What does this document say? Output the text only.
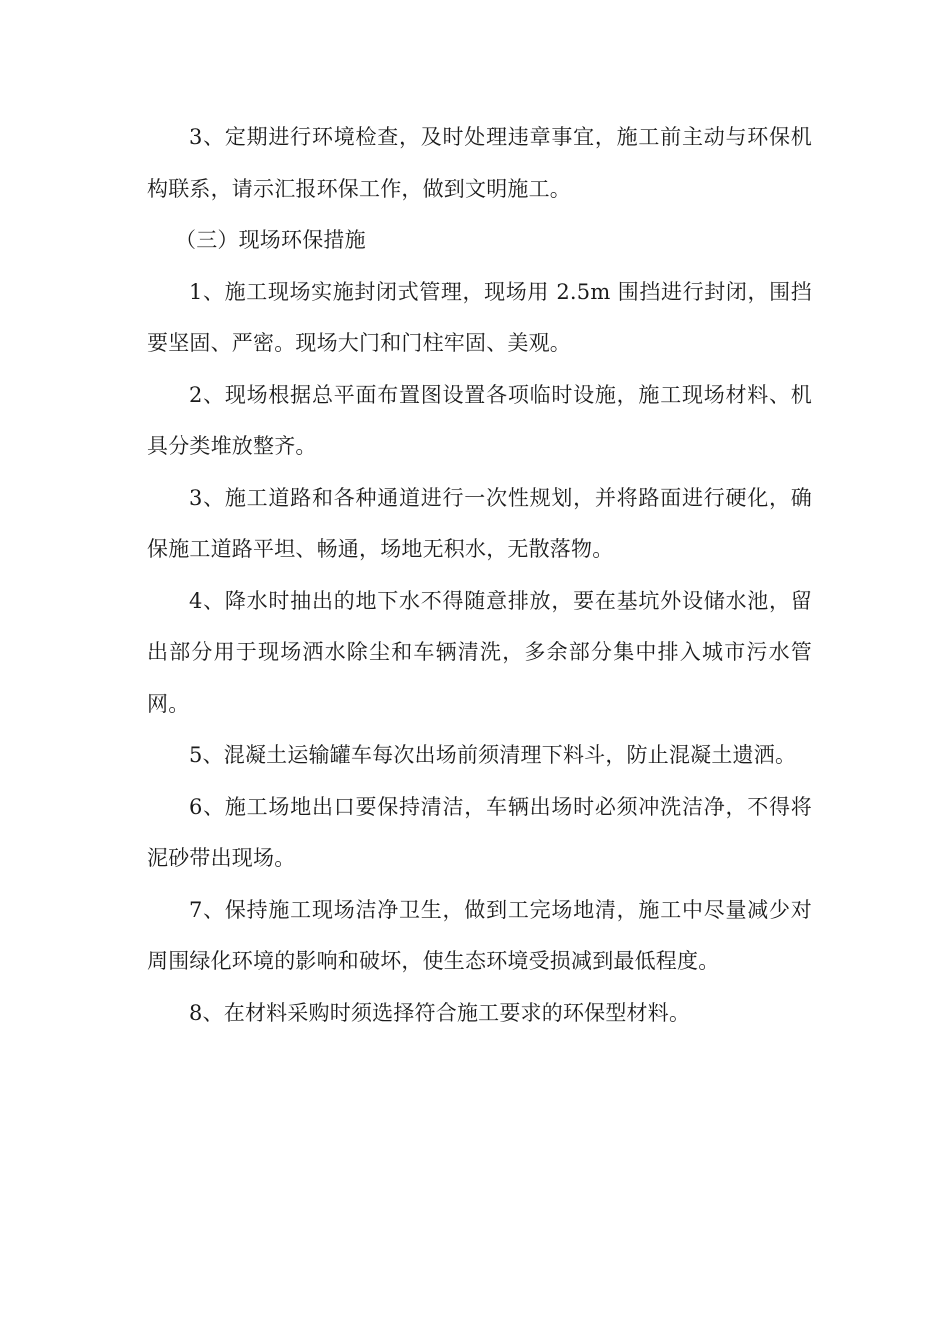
3、定期进行环境检查，及时处理违章事宜，施工前主动与环保机构联系，请示汇报环保工作，做到文明施工。

（三）现场环保措施

1、施工现场实施封闭式管理，现场用 2.5m 围挡进行封闭，围挡要坚固、严密。现场大门和门柱牢固、美观。

2、现场根据总平面布置图设置各项临时设施，施工现场材料、机具分类堆放整齐。

3、施工道路和各种通道进行一次性规划，并将路面进行硬化，确保施工道路平坦、畅通，场地无积水，无散落物。

4、降水时抽出的地下水不得随意排放，要在基坑外设储水池，留出部分用于现场洒水除尘和车辆清洗，多余部分集中排入城市污水管网。

5、混凝土运输罐车每次出场前须清理下料斗，防止混凝土遗洒。

6、施工场地出口要保持清洁，车辆出场时必须冲洗洁净，不得将泥砂带出现场。

7、保持施工现场洁净卫生，做到工完场地清，施工中尽量减少对周围绿化环境的影响和破坏，使生态环境受损减到最低程度。

8、在材料采购时须选择符合施工要求的环保型材料。
